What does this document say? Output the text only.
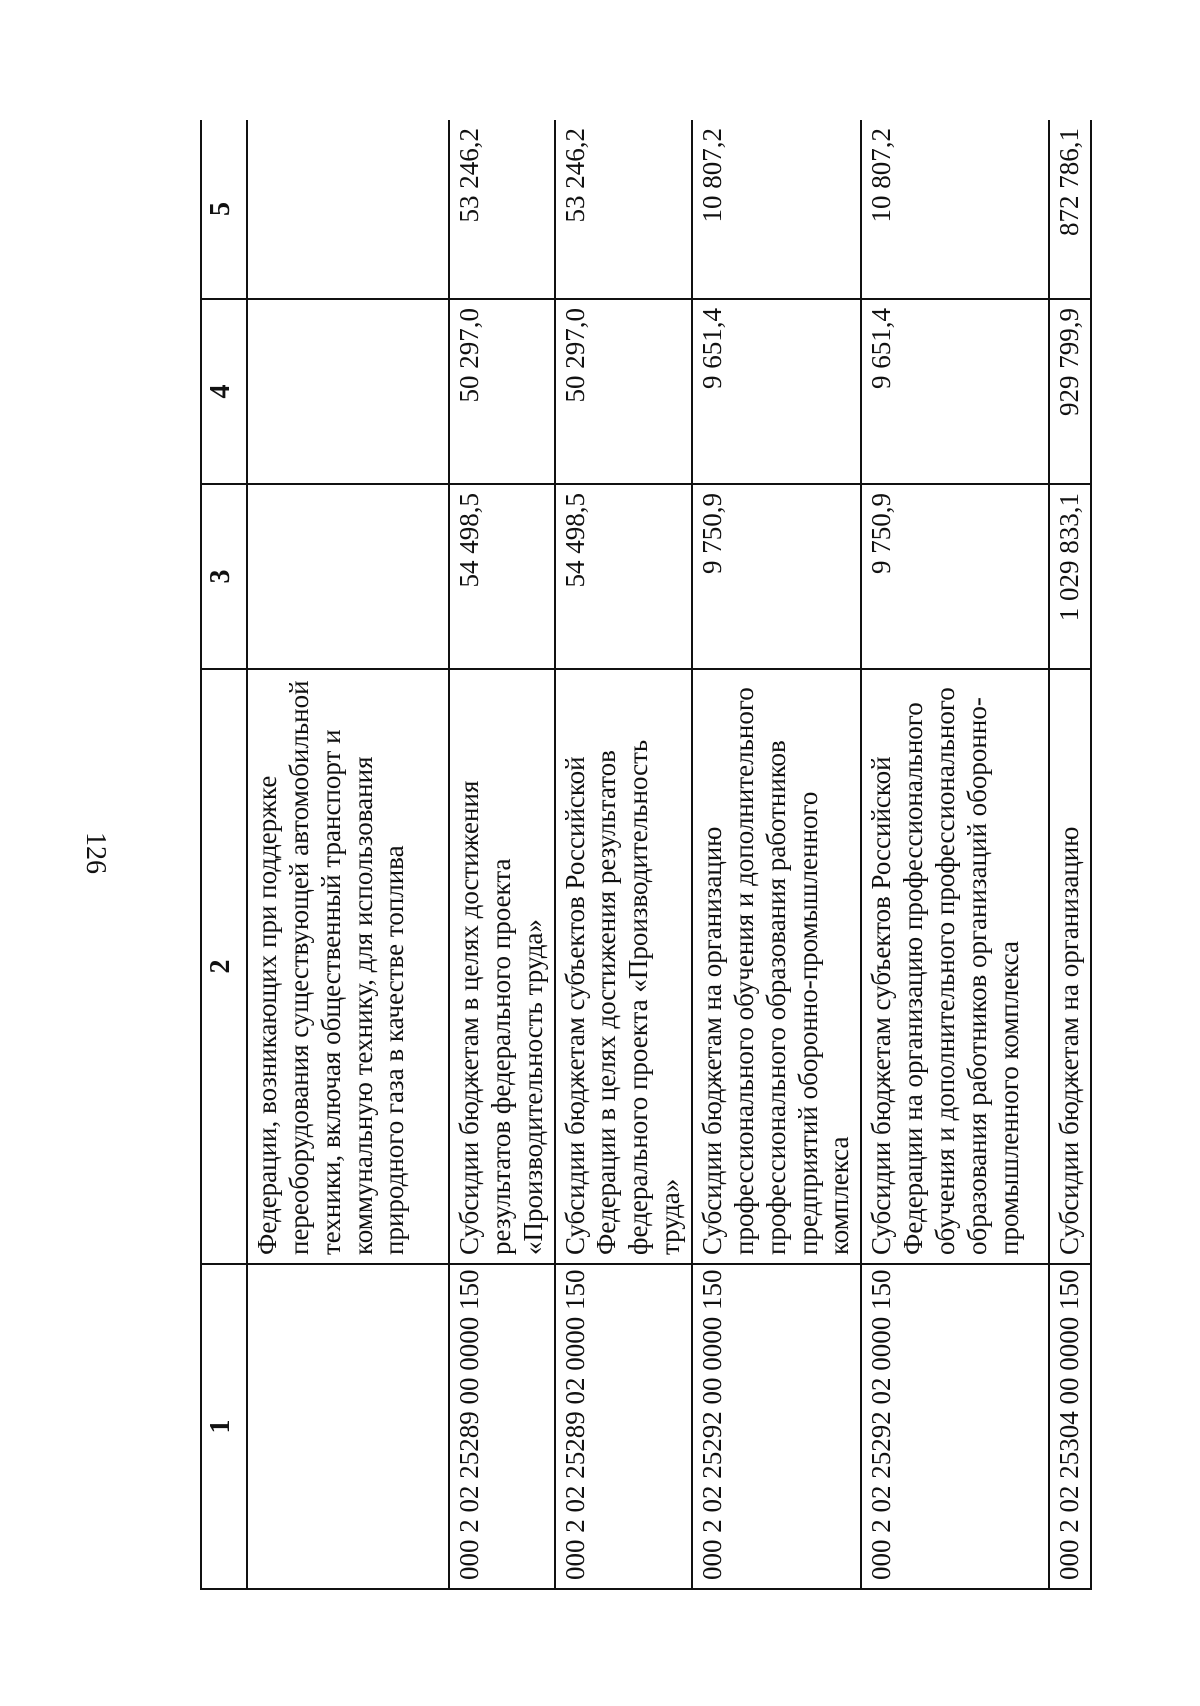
126
1	2	3	4	5
	Федерации, возникающих при поддержке переоборудования существующей автомобильной техники, включая общественный транспорт и коммунальную технику, для использования природного газа в качестве топлива			
000 2 02 25289 00 0000 150	Субсидии бюджетам в целях достижения результатов федерального проекта «Производительность труда»	54 498,5	50 297,0	53 246,2
000 2 02 25289 02 0000 150	Субсидии бюджетам субъектов Российской Федерации в целях достижения результатов федерального проекта «Производительность труда»	54 498,5	50 297,0	53 246,2
000 2 02 25292 00 0000 150	Субсидии бюджетам на организацию профессионального обучения и дополнительного профессионального образования работников предприятий оборонно-промышленного комплекса	9 750,9	9 651,4	10 807,2
000 2 02 25292 02 0000 150	Субсидии бюджетам субъектов Российской Федерации на организацию профессионального обучения и дополнительного профессионального образования работников организаций оборонно-промышленного комплекса	9 750,9	9 651,4	10 807,2
000 2 02 25304 00 0000 150	Субсидии бюджетам на организацию	1 029 833,1	929 799,9	872 786,1
